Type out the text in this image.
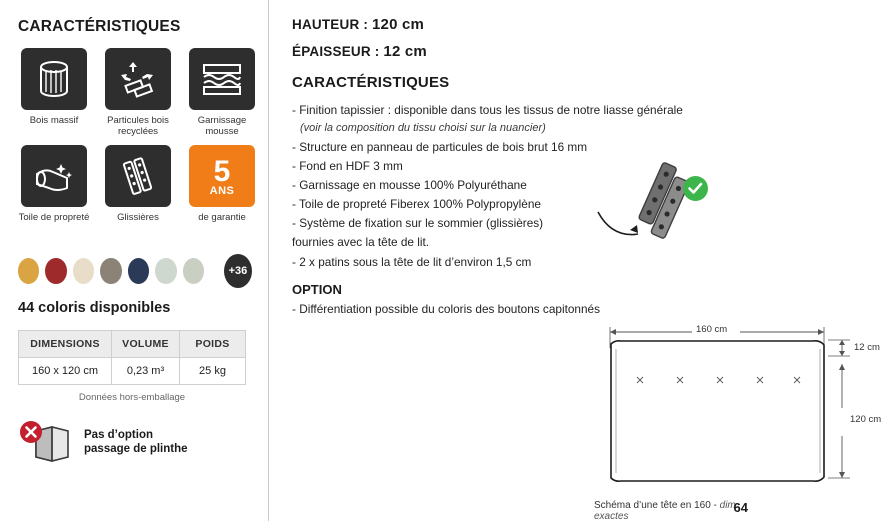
CARACTÉRISTIQUES
Bois massif	Particules bois recyclées
Garnissage mousse
Toile de propreté	Glissières
5
ANS
de garantie
+36
44 coloris disponibles
DIMENSIONS	VOLUME	POIDS
160 x 120 cm	0,23 m³	25 kg
Données hors-emballage
Pas d’option
passage de plinthe
HAUTEUR : 120 cm
ÉPAISSEUR : 12 cm
CARACTÉRISTIQUES
- Finition tapissier : disponible dans tous les tissus de notre liasse générale
(voir la composition du tissu choisi sur la nuancier)
- Structure en panneau de particules de bois brut 16 mm
- Fond en HDF 3 mm
- Garnissage en mousse 100% Polyuréthane
- Toile de propreté Fiberex 100% Polypropylène
- Système de fixation sur le sommier (glissières) fournies avec la tête de lit.
- 2 x patins sous la tête de lit d’environ 1,5 cm
OPTION
- Différentiation possible du coloris des boutons capitonnés
160 cm
12 cm
120 cm
Schéma d’une tête en 160 - dim. exactes
64
